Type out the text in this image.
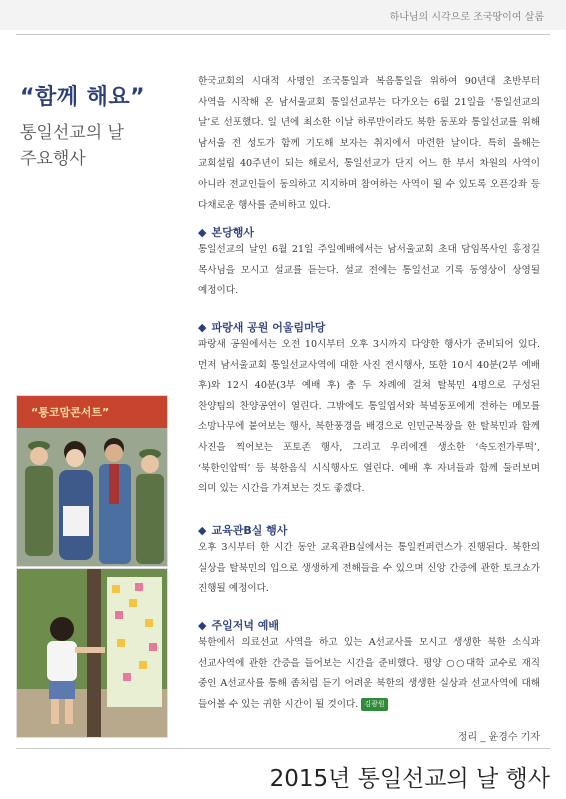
하나님의 시각으로 조국땅이여 살롬
“함께 해요”
통일선교의 날
주요행사
한국교회의 시대적 사명인 조국통일과 복음통일을 위하여 90년대 초반부터 사역을 시작해 온 남서울교회 통일선교부는 다가오는 6월 21일을 ‘통일선교의 날’로 선포했다. 일 년에 최소한 이날 하루만이라도 북한 동포와 통일선교를 위해 남서울 전 성도가 함께 기도해 보자는 취지에서 마련한 날이다. 특히 올해는 교회설립 40주년이 되는 해로서, 통일선교가 단지 어느 한 부서 차원의 사역이 아니라 전교인들이 동의하고 지지하며 참여하는 사역이 될 수 있도록 오픈강좌 등 다채로운 행사를 준비하고 있다.
◆ 본당행사
통일선교의 날인 6월 21일 주일예배에서는 남서울교회 초대 담임목사인 홍정길 목사님을 모시고 설교를 듣는다. 설교 전에는 통일선교 기록 동영상이 상영될 예정이다.
◆ 파랑새 공원 어울림마당
파랑새 공원에서는 오전 10시부터 오후 3시까지 다양한 행사가 준비되어 있다. 먼저 남서울교회 통일선교사역에 대한 사진 전시행사, 또한 10시 40분(2부 예배 후)와 12시 40분(3부 예배 후) 총 두 차례에 걸쳐 탈북민 4명으로 구성된 찬양팀의 찬양공연이 열린다. 그밖에도 통일엽서와 북녘동포에게 전하는 메모를 소망나무에 붙여보는 행사, 북한풍경을 배경으로 인민군복장을 한 탈북민과 함께 사진을 찍어보는 포토존 행사, 그리고 우리에겐 생소한 ‘속도전가루떡’, ‘북한인압떡’ 등 북한음식 시식행사도 열린다. 예배 후 자녀들과 함께 둘러보며 의미 있는 시간을 가져보는 것도 좋겠다.
◆ 교육관B실 행사
오후 3시부터 한 시간 동안 교육관B실에서는 통일컨퍼런스가 진행된다. 북한의 실상을 탈북민의 입으로 생생하게 전해들을 수 있으며 신앙 간증에 관한 토크쇼가 진행될 예정이다.
◆ 주일저녁 예배
북한에서 의료선교 사역을 하고 있는 A선교사를 모시고 생생한 북한 소식과 선교사역에 관한 간증을 들어보는 시간을 준비했다. 평양 ○○대학 교수로 재직 중인 A선교사를 통해 좀처럼 듣기 어려운 북한의 생생한 실상과 선교사역에 대해 들어볼 수 있는 귀한 시간이 될 것이다. 김광원
정리 _ 윤경수 기자
“통코맘콘서트”
2015년 통일선교의 날 행사
